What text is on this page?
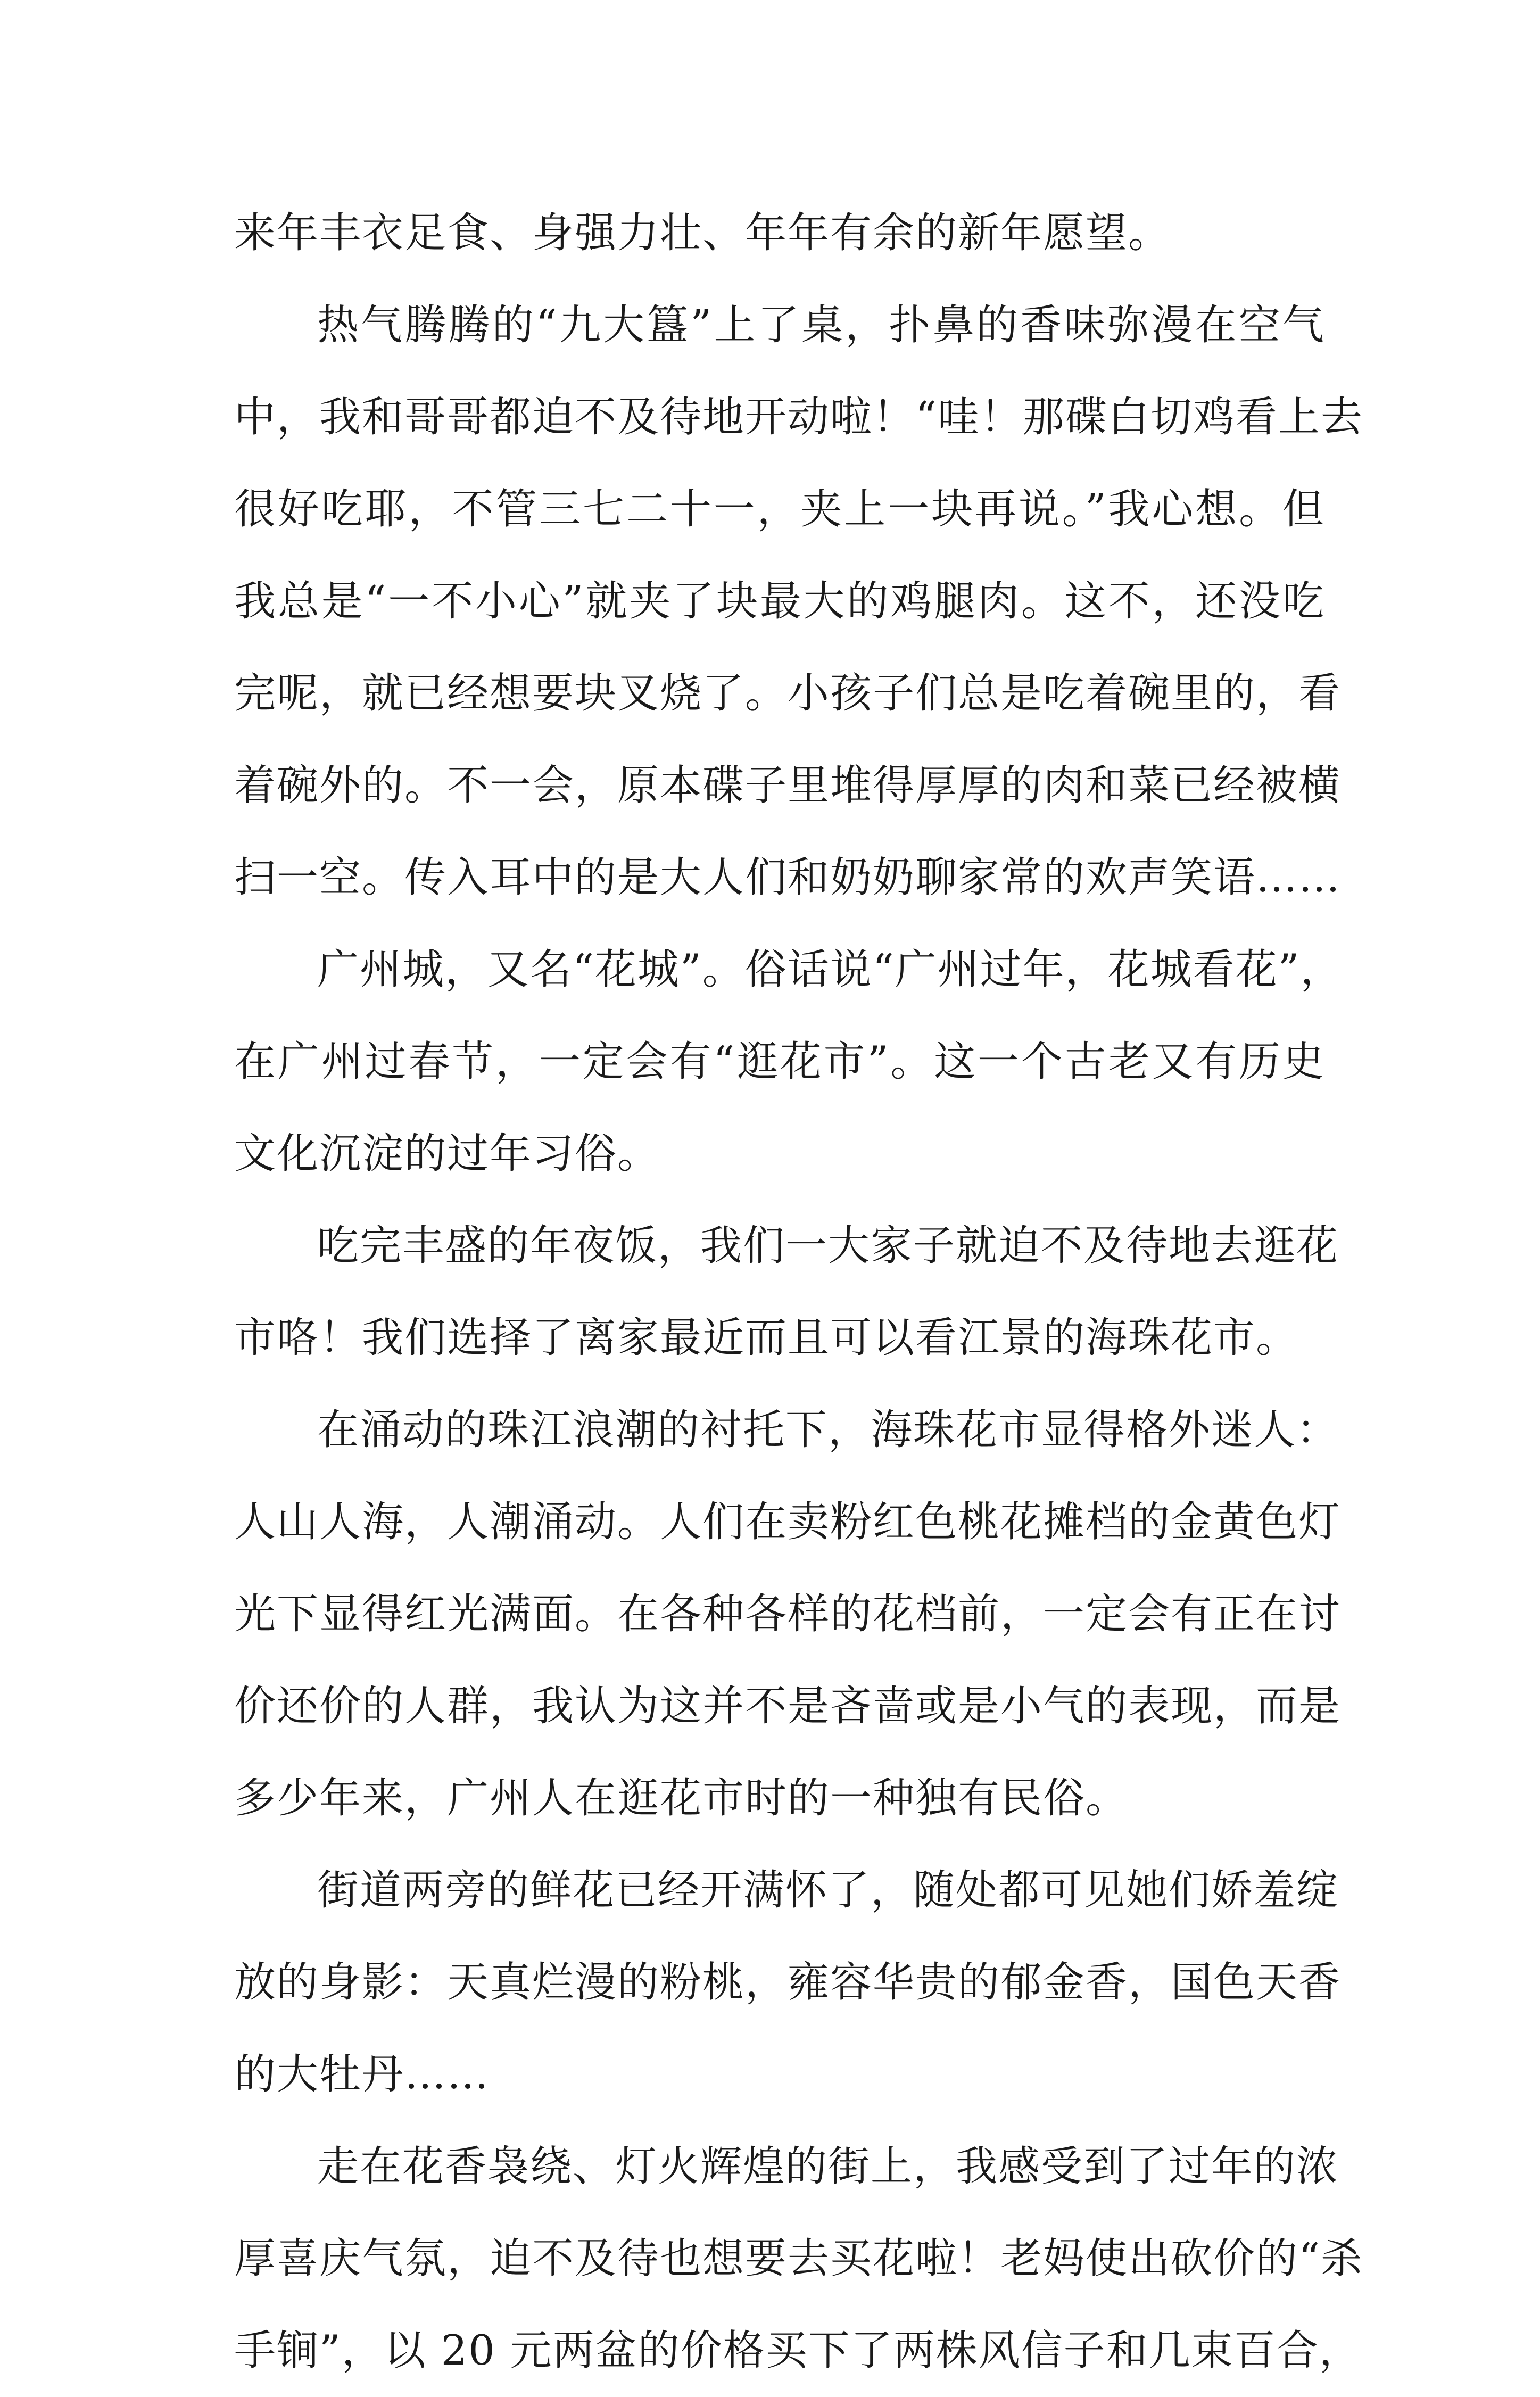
来年丰衣足食、身强力壮、年年有余的新年愿望。
热气腾腾的“九大簋”上了桌，扑鼻的香味弥漫在空气
中，我和哥哥都迫不及待地开动啦！“哇！那碟白切鸡看上去
很好吃耶，不管三七二十一，夹上一块再说。”我心想。但
我总是“一不小心”就夹了块最大的鸡腿肉。这不，还没吃
完呢，就已经想要块叉烧了。小孩子们总是吃着碗里的，看
着碗外的。不一会，原本碟子里堆得厚厚的肉和菜已经被横
扫一空。传入耳中的是大人们和奶奶聊家常的欢声笑语……
广州城，又名“花城”。俗话说“广州过年，花城看花”，
在广州过春节，一定会有“逛花市”。这一个古老又有历史
文化沉淀的过年习俗。
吃完丰盛的年夜饭，我们一大家子就迫不及待地去逛花
市咯！我们选择了离家最近而且可以看江景的海珠花市。
在涌动的珠江浪潮的衬托下，海珠花市显得格外迷人：
人山人海，人潮涌动。人们在卖粉红色桃花摊档的金黄色灯
光下显得红光满面。在各种各样的花档前，一定会有正在讨
价还价的人群，我认为这并不是吝啬或是小气的表现，而是
多少年来，广州人在逛花市时的一种独有民俗。
街道两旁的鲜花已经开满怀了，随处都可见她们娇羞绽
放的身影：天真烂漫的粉桃，雍容华贵的郁金香，国色天香
的大牡丹……
走在花香袅绕、灯火辉煌的街上，我感受到了过年的浓
厚喜庆气氛，迫不及待也想要去买花啦！老妈使出砍价的“杀
手锏”，以 20 元两盆的价格买下了两株风信子和几束百合，
